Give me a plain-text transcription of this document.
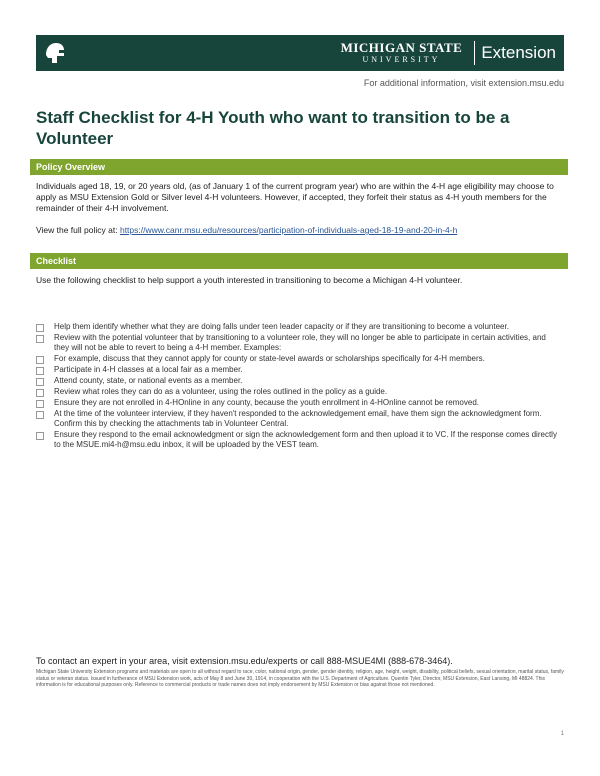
MICHIGAN STATE
UNIVERSITY	Extension
For additional information, visit extension.msu.edu
Staff Checklist for 4-H Youth who want to transition to be a Volunteer
Policy Overview

Individuals aged 18, 19, or 20 years old, (as of January 1 of the current program year) who are within the 4-H age eligibility may choose to apply as MSU Extension Gold or Silver level 4-H volunteers. However, if accepted, they forfeit their status as 4-H youth members for the remainder of their 4-H involvement.

View the full policy at: https://www.canr.msu.edu/resources/participation-of-individuals-aged-18-19-and-20-in-4-h

Checklist

Use the following checklist to help support a youth interested in transitioning to become a Michigan 4-H volunteer.

Help them identify whether what they are doing falls under teen leader capacity or if they are transitioning to become a volunteer.
Review with the potential volunteer that by transitioning to a volunteer role, they will no longer be able to participate in certain activities, and they will not be able to revert to being a 4-H member. Examples:
For example, discuss that they cannot apply for county or state-level awards or scholarships specifically for 4-H members.
Participate in 4-H classes at a local fair as a member.
Attend county, state, or national events as a member.
Review what roles they can do as a volunteer, using the roles outlined in the policy as a guide.
Ensure they are not enrolled in 4-HOnline in any county, because the youth enrollment in 4-HOnline cannot be removed.
At the time of the volunteer interview, if they haven't responded to the acknowledgement email, have them sign the acknowledgment form. Confirm this by checking the attachments tab in Volunteer Central.
Ensure they respond to the email acknowledgment or sign the acknowledgement form and then upload it to VC. If the response comes directly to the MSUE.mi4-h@msu.edu inbox, it will be uploaded by the VEST team.
To contact an expert in your area, visit extension.msu.edu/experts or call 888-MSUE4MI (888-678-3464).

Michigan State University Extension programs and materials are open to all without regard to race, color, national origin, gender, gender identity, religion, age, height, weight, disability, political beliefs, sexual orientation, marital status, family status or veteran status. Issued in furtherance of MSU Extension work, acts of May 8 and June 30, 1914, in cooperation with the U.S. Department of Agriculture. Quentin Tyler, Director, MSU Extension, East Lansing, MI 48824. This information is for educational purposes only. Reference to commercial products or trade names does not imply endorsement by MSU Extension or bias against those not mentioned.

1
